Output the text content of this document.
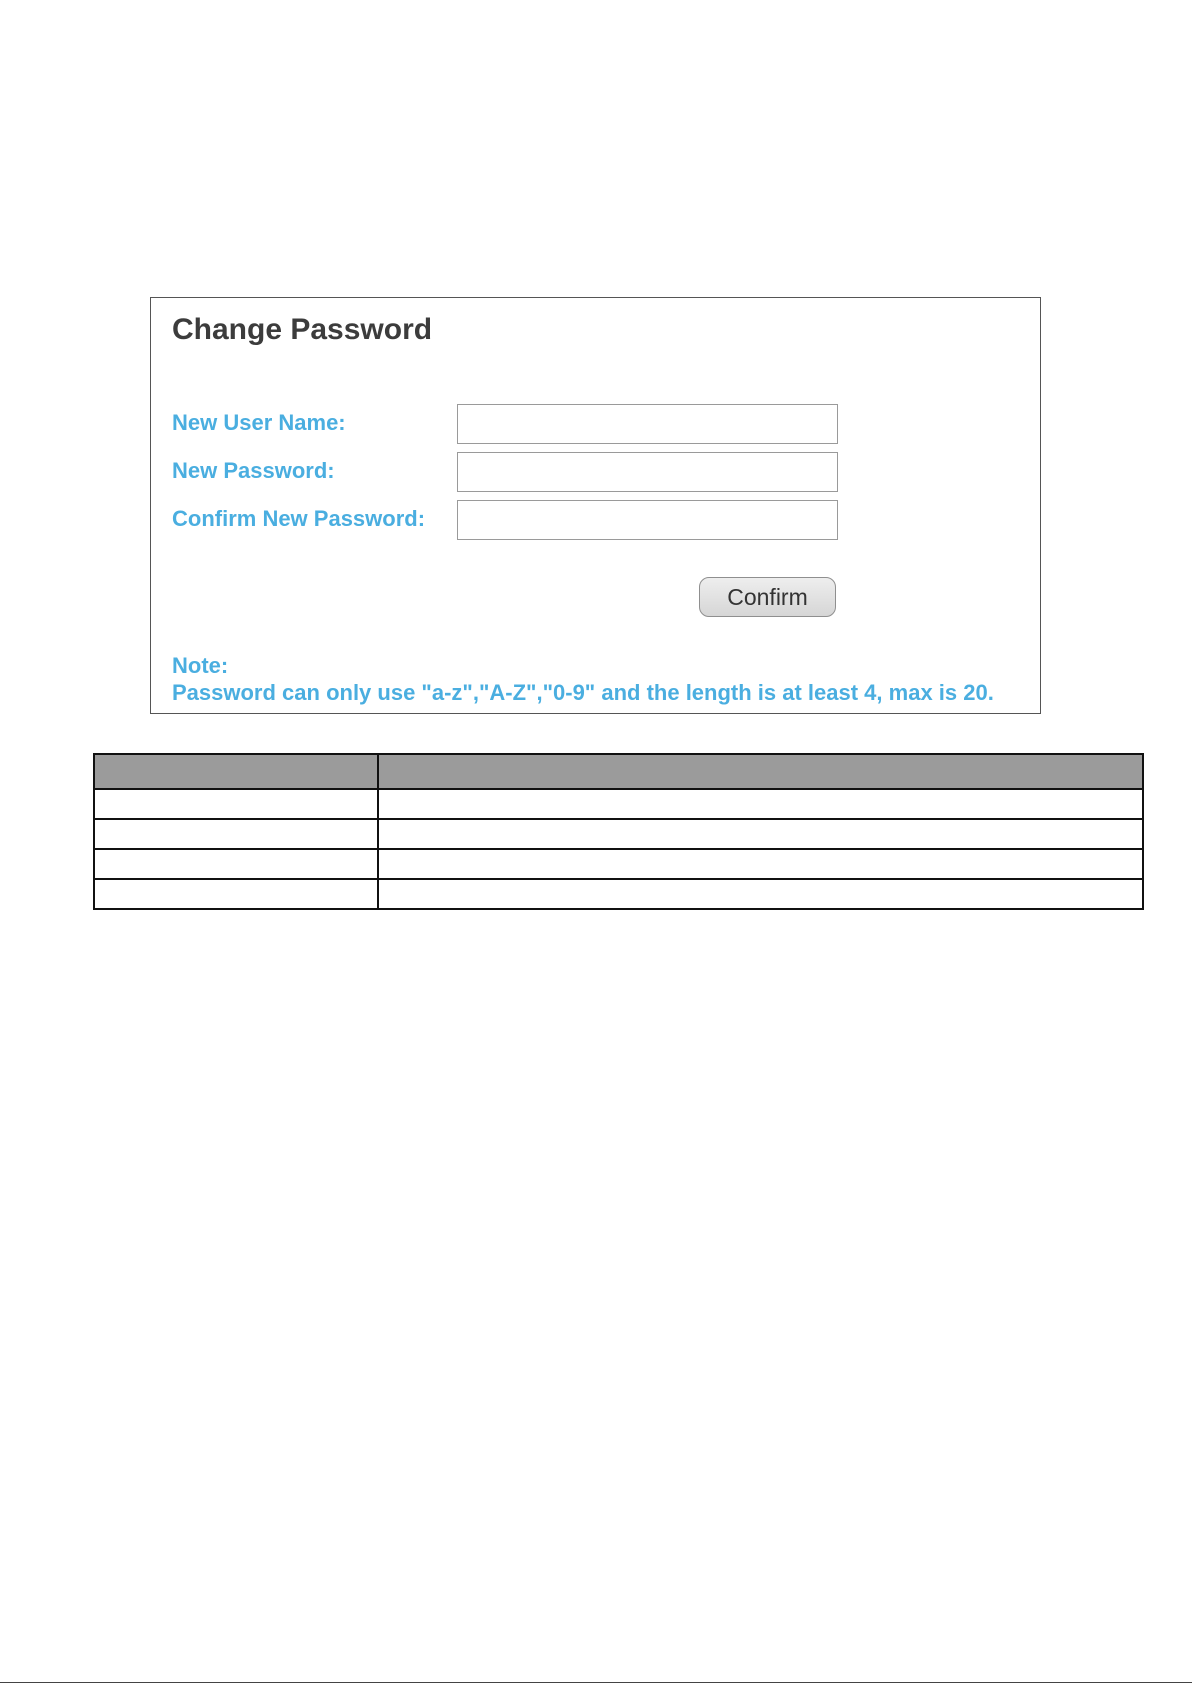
Change Password
New User Name:
New Password:
Confirm New Password:
Confirm
Note:
Password can only use "a-z","A-Z","0-9" and the length is at least 4, max is 20.
